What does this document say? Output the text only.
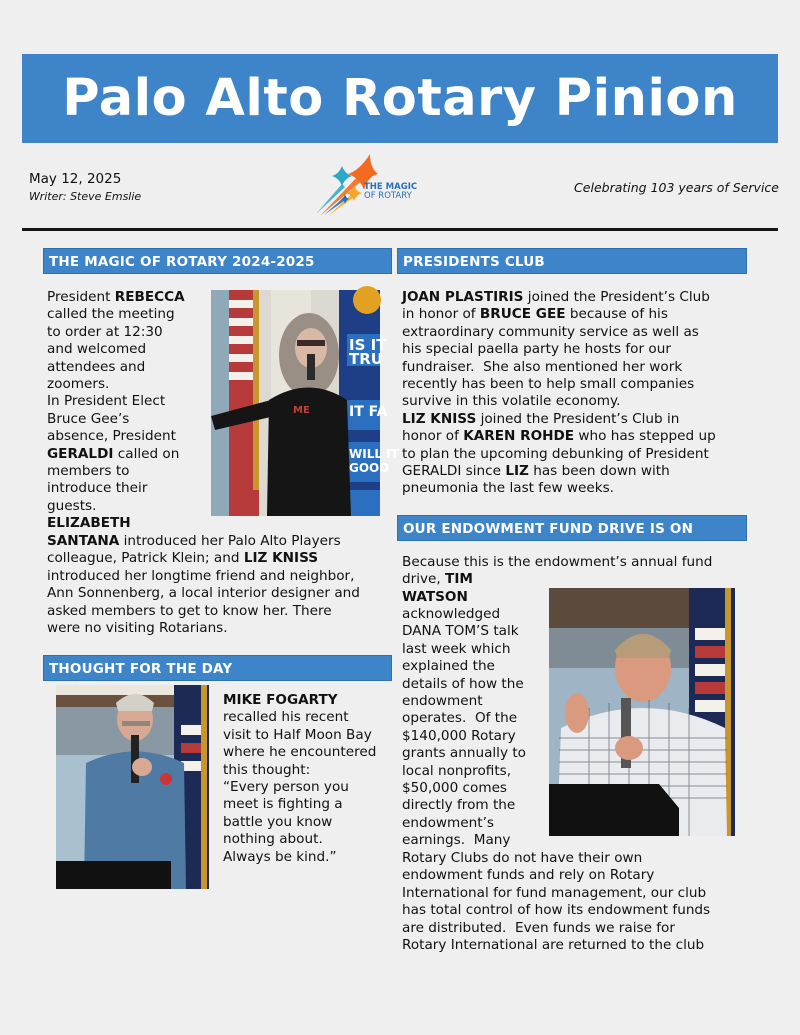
Palo Alto Rotary Pinion
May 12, 2025
Writer: Steve Emslie
THE MAGIC
OF ROTARY
Celebrating 103 years of Service
THE MAGIC OF ROTARY 2024-2025
President REBECCA
called the meeting
to order at 12:30
and welcomed
attendees and
zoomers.
In President Elect
Bruce Gee’s
absence, President
GERALDI called on
members to
introduce their
guests.
ELIZABETH
IS IT
TRU
IT FA
WILL IT
GOOD
ME
SANTANA introduced her Palo Alto Players
colleague, Patrick Klein; and LIZ KNISS
introduced her longtime friend and neighbor,
Ann Sonnenberg, a local interior designer and
asked members to get to know her. There
were no visiting Rotarians.
THOUGHT FOR THE DAY
MIKE FOGARTY
recalled his recent
visit to Half Moon Bay
where he encountered
this thought:
“Every person you
meet is fighting a
battle you know
nothing about.
Always be kind.”
PRESIDENTS CLUB
JOAN PLASTIRIS joined the President’s Club
in honor of BRUCE GEE because of his
extraordinary community service as well as
his special paella party he hosts for our
fundraiser.  She also mentioned her work
recently has been to help small companies
survive in this volatile economy.
LIZ KNISS joined the President’s Club in
honor of KAREN ROHDE who has stepped up
to plan the upcoming debunking of President
GERALDI since LIZ has been down with
pneumonia the last few weeks.
OUR ENDOWMENT FUND DRIVE IS ON
Because this is the endowment’s annual fund
drive, TIM
WATSON
acknowledged
DANA TOM’S talk
last week which
explained the
details of how the
endowment
operates.  Of the
$140,000 Rotary
grants annually to
local nonprofits,
$50,000 comes
directly from the
endowment’s
earnings.  Many
Rotary Clubs do not have their own
endowment funds and rely on Rotary
International for fund management, our club
has total control of how its endowment funds
are distributed.  Even funds we raise for
Rotary International are returned to the club
